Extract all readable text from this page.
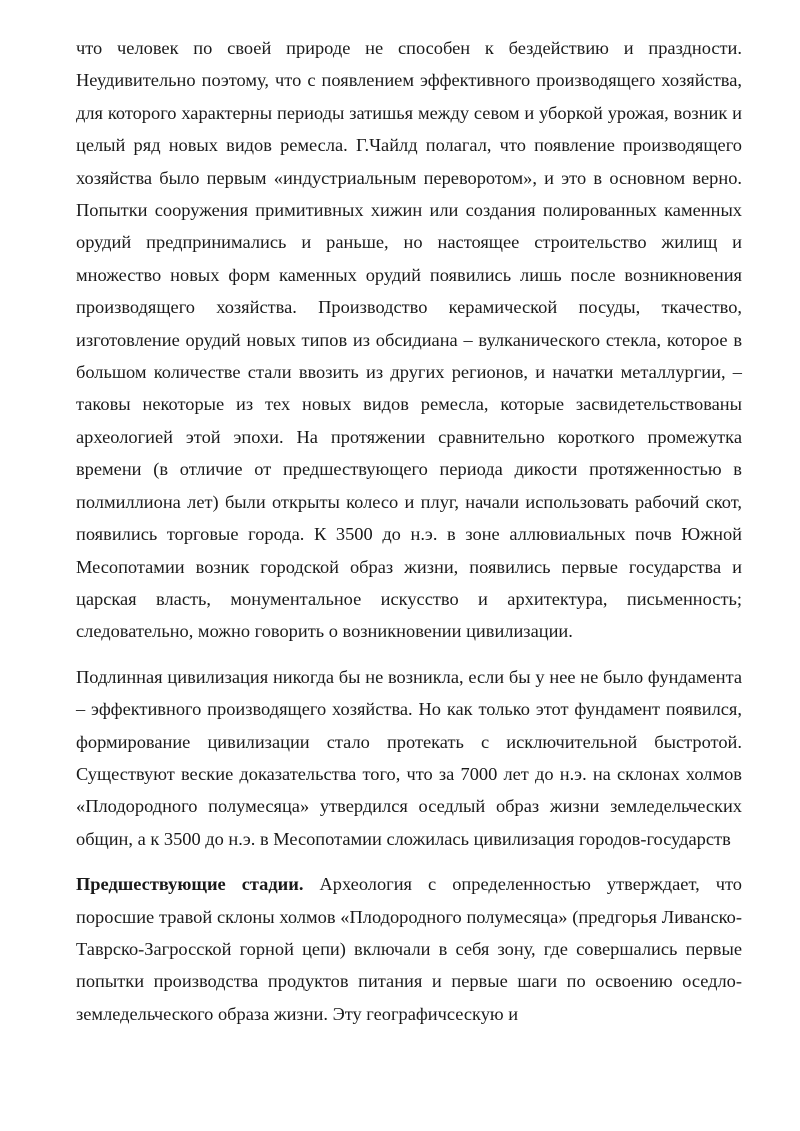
что человек по своей природе не способен к бездействию и праздности. Неудивительно поэтому, что с появлением эффективного производящего хозяйства, для которого характерны периоды затишья между севом и уборкой урожая, возник и целый ряд новых видов ремесла. Г.Чайлд полагал, что появление производящего хозяйства было первым «индустриальным переворотом», и это в основном верно. Попытки сооружения примитивных хижин или создания полированных каменных орудий предпринимались и раньше, но настоящее строительство жилищ и множество новых форм каменных орудий появились лишь после возникновения производящего хозяйства. Производство керамической посуды, ткачество, изготовление орудий новых типов из обсидиана – вулканического стекла, которое в большом количестве стали ввозить из других регионов, и начатки металлургии, – таковы некоторые из тех новых видов ремесла, которые засвидетельствованы археологией этой эпохи. На протяжении сравнительно короткого промежутка времени (в отличие от предшествующего периода дикости протяженностью в полмиллиона лет) были открыты колесо и плуг, начали использовать рабочий скот, появились торговые города. К 3500 до н.э. в зоне аллювиальных почв Южной Месопотамии возник городской образ жизни, появились первые государства и царская власть, монументальное искусство и архитектура, письменность; следовательно, можно говорить о возникновении цивилизации.

Подлинная цивилизация никогда бы не возникла, если бы у нее не было фундамента – эффективного производящего хозяйства. Но как только этот фундамент появился, формирование цивилизации стало протекать с исключительной быстротой. Существуют веские доказательства того, что за 7000 лет до н.э. на склонах холмов «Плодородного полумесяца» утвердился оседлый образ жизни земледельческих общин, а к 3500 до н.э. в Месопотамии сложилась цивилизация городов-государств

Предшествующие стадии. Археология с определенностью утверждает, что поросшие травой склоны холмов «Плодородного полумесяца» (предгорья Ливанско-Таврско-Загросской горной цепи) включали в себя зону, где совершались первые попытки производства продуктов питания и первые шаги по освоению оседло-земледельческого образа жизни. Эту географичсескую и
